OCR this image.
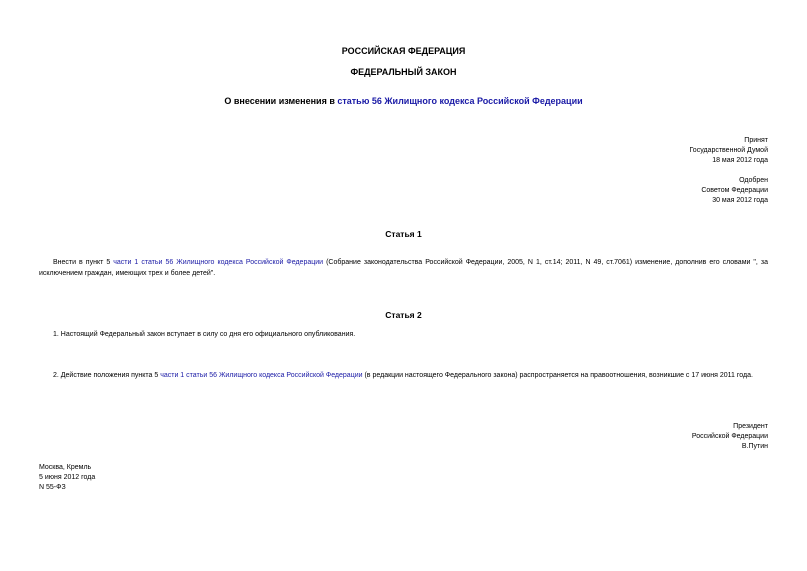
РОССИЙСКАЯ ФЕДЕРАЦИЯ
ФЕДЕРАЛЬНЫЙ ЗАКОН
О внесении изменения в статью 56 Жилищного кодекса Российской Федерации
Принят
Государственной Думой
18 мая 2012 года
Одобрен
Советом Федерации
30 мая 2012 года
Статья 1
Внести в пункт 5 части 1 статьи 56 Жилищного кодекса Российской Федерации (Собрание законодательства Российской Федерации, 2005, N 1, ст.14; 2011, N 49, ст.7061) изменение, дополнив его словами ", за исключением граждан, имеющих трех и более детей".
Статья 2
1. Настоящий Федеральный закон вступает в силу со дня его официального опубликования.
2. Действие положения пункта 5 части 1 статьи 56 Жилищного кодекса Российской Федерации (в редакции настоящего Федерального закона) распространяется на правоотношения, возникшие с 17 июня 2011 года.
Президент
Российской Федерации
В.Путин
Москва, Кремль
5 июня 2012 года
N 55-ФЗ
